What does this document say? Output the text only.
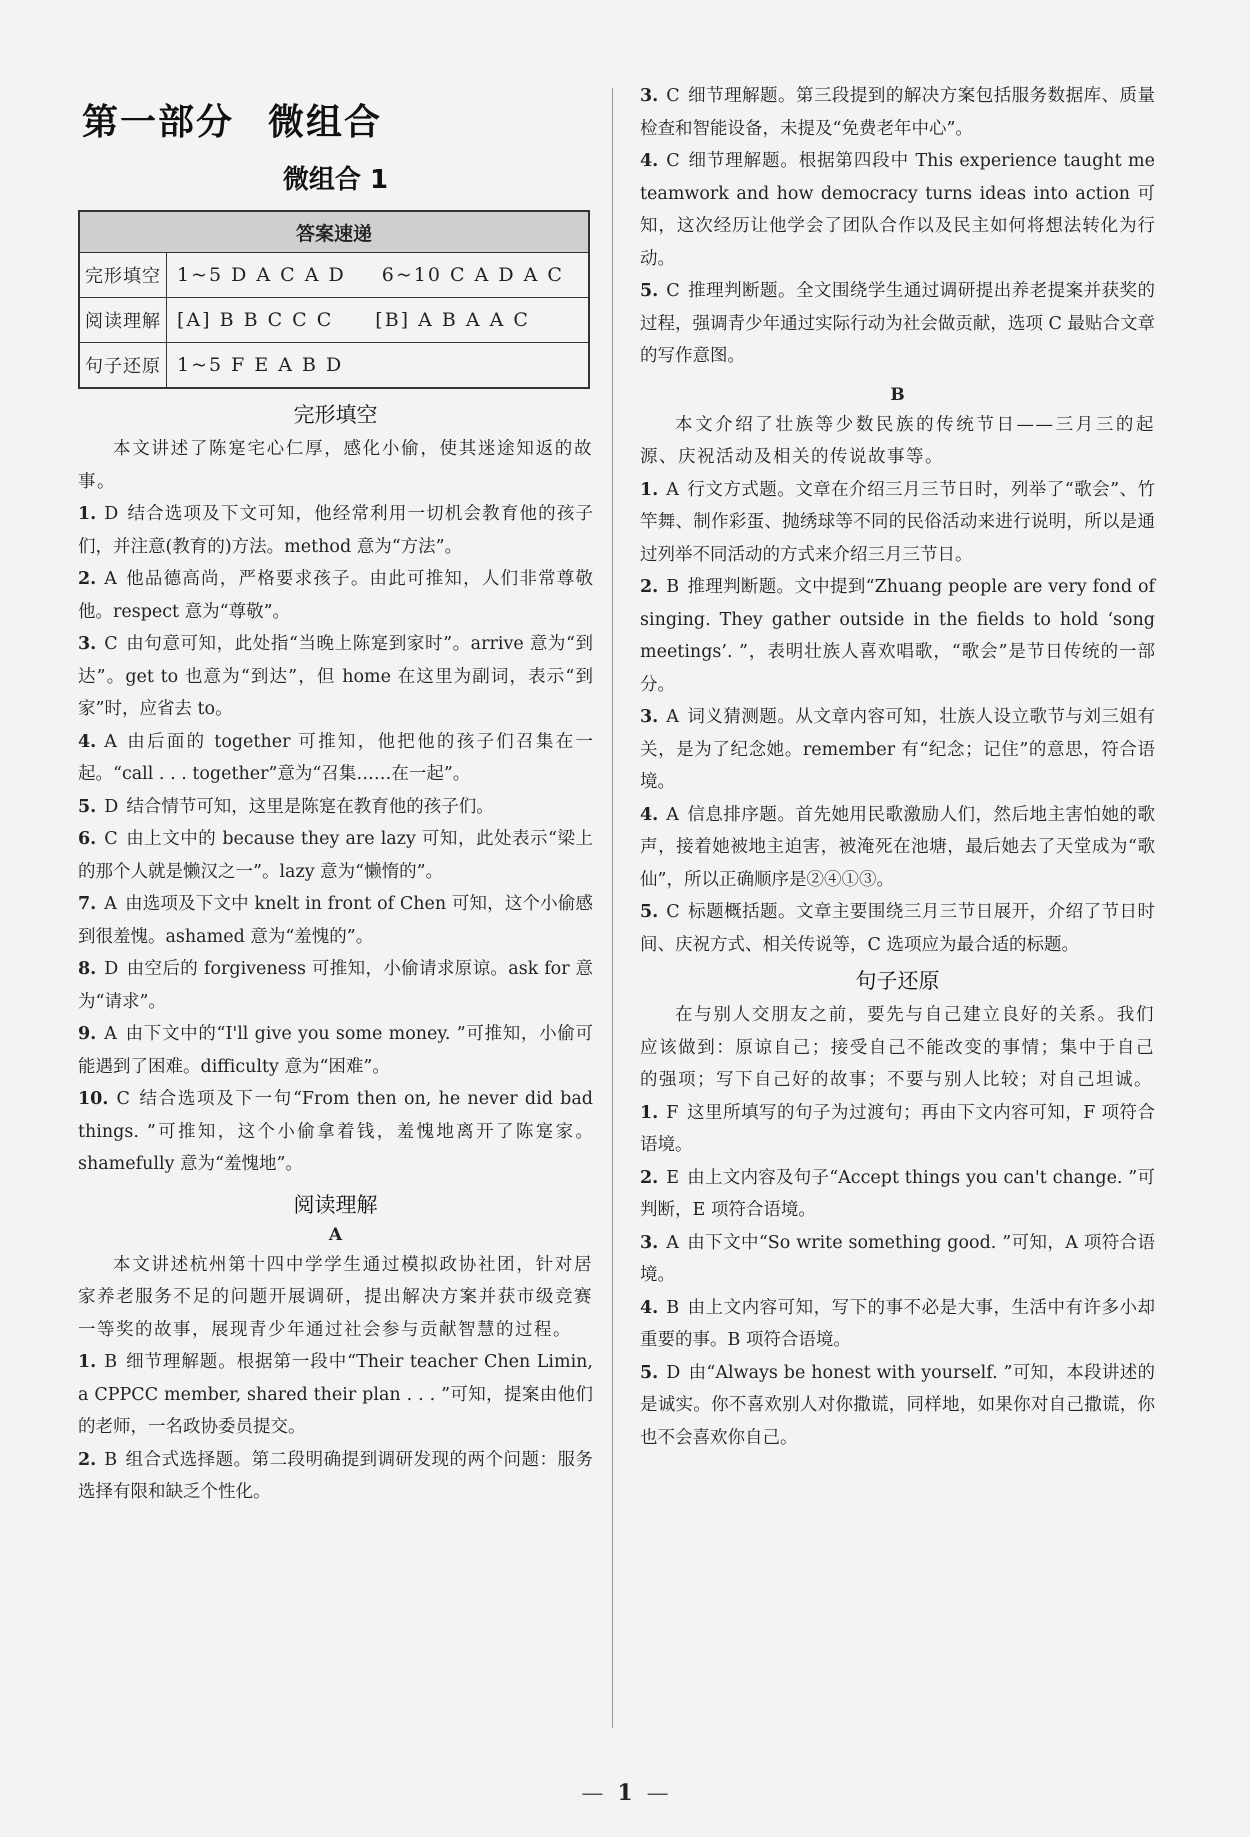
第一部分 微组合
微组合 1
答案速递	
完形填空	1~5 D A C A D 6~10 C A D A C
阅读理解	[A] B B C C C [B] A B A A C
句子还原	1~5 F E A B D
完形填空

本文讲述了陈寔宅心仁厚，感化小偷，使其迷途知返的故事。

1. D 结合选项及下文可知，他经常利用一切机会教育他的孩子们，并注意(教育的)方法。method 意为“方法”。

2. A 他品德高尚，严格要求孩子。由此可推知，人们非常尊敬他。respect 意为“尊敬”。

3. C 由句意可知，此处指“当晚上陈寔到家时”。arrive 意为“到达”。get to 也意为“到达”，但 home 在这里为副词，表示“到家”时，应省去 to。

4. A 由后面的 together 可推知，他把他的孩子们召集在一起。“call . . . together”意为“召集……在一起”。

5. D 结合情节可知，这里是陈寔在教育他的孩子们。

6. C 由上文中的 because they are lazy 可知，此处表示“梁上的那个人就是懒汉之一”。lazy 意为“懒惰的”。

7. A 由选项及下文中 knelt in front of Chen 可知，这个小偷感到很羞愧。ashamed 意为“羞愧的”。

8. D 由空后的 forgiveness 可推知，小偷请求原谅。ask for 意为“请求”。

9. A 由下文中的“I'll give you some money. ”可推知，小偷可能遇到了困难。difficulty 意为“困难”。

10. C 结合选项及下一句“From then on, he never did bad things. ”可推知，这个小偷拿着钱，羞愧地离开了陈寔家。shamefully 意为“羞愧地”。

阅读理解
A

本文讲述杭州第十四中学学生通过模拟政协社团，针对居家养老服务不足的问题开展调研，提出解决方案并获市级竞赛一等奖的故事，展现青少年通过社会参与贡献智慧的过程。

1. B 细节理解题。根据第一段中“Their teacher Chen Limin, a CPPCC member, shared their plan . . . ”可知，提案由他们的老师，一名政协委员提交。

2. B 组合式选择题。第二段明确提到调研发现的两个问题：服务选择有限和缺乏个性化。

3. C 细节理解题。第三段提到的解决方案包括服务数据库、质量检查和智能设备，未提及“免费老年中心”。

4. C 细节理解题。根据第四段中 This experience taught me teamwork and how democracy turns ideas into action 可知，这次经历让他学会了团队合作以及民主如何将想法转化为行动。

5. C 推理判断题。全文围绕学生通过调研提出养老提案并获奖的过程，强调青少年通过实际行动为社会做贡献，选项 C 最贴合文章的写作意图。

B

本文介绍了壮族等少数民族的传统节日——三月三的起源、庆祝活动及相关的传说故事等。

1. A 行文方式题。文章在介绍三月三节日时，列举了“歌会”、竹竿舞、制作彩蛋、抛绣球等不同的民俗活动来进行说明，所以是通过列举不同活动的方式来介绍三月三节日。

2. B 推理判断题。文中提到“Zhuang people are very fond of singing. They gather outside in the fields to hold ‘song meetings’. ”，表明壮族人喜欢唱歌，“歌会”是节日传统的一部分。

3. A 词义猜测题。从文章内容可知，壮族人设立歌节与刘三姐有关，是为了纪念她。remember 有“纪念；记住”的意思，符合语境。

4. A 信息排序题。首先她用民歌激励人们，然后地主害怕她的歌声，接着她被地主迫害，被淹死在池塘，最后她去了天堂成为“歌仙”，所以正确顺序是②④①③。

5. C 标题概括题。文章主要围绕三月三节日展开，介绍了节日时间、庆祝方式、相关传说等，C 选项应为最合适的标题。

句子还原

在与别人交朋友之前，要先与自己建立良好的关系。我们应该做到：原谅自己；接受自己不能改变的事情；集中于自己的强项；写下自己好的故事；不要与别人比较；对自己坦诚。

1. F 这里所填写的句子为过渡句；再由下文内容可知，F 项符合语境。

2. E 由上文内容及句子“Accept things you can't change. ”可判断，E 项符合语境。

3. A 由下文中“So write something good. ”可知，A 项符合语境。

4. B 由上文内容可知，写下的事不必是大事，生活中有许多小却重要的事。B 项符合语境。

5. D 由“Always be honest with yourself. ”可知，本段讲述的是诚实。你不喜欢别人对你撒谎，同样地，如果你对自己撒谎，你也不会喜欢你自己。

— 1 —
